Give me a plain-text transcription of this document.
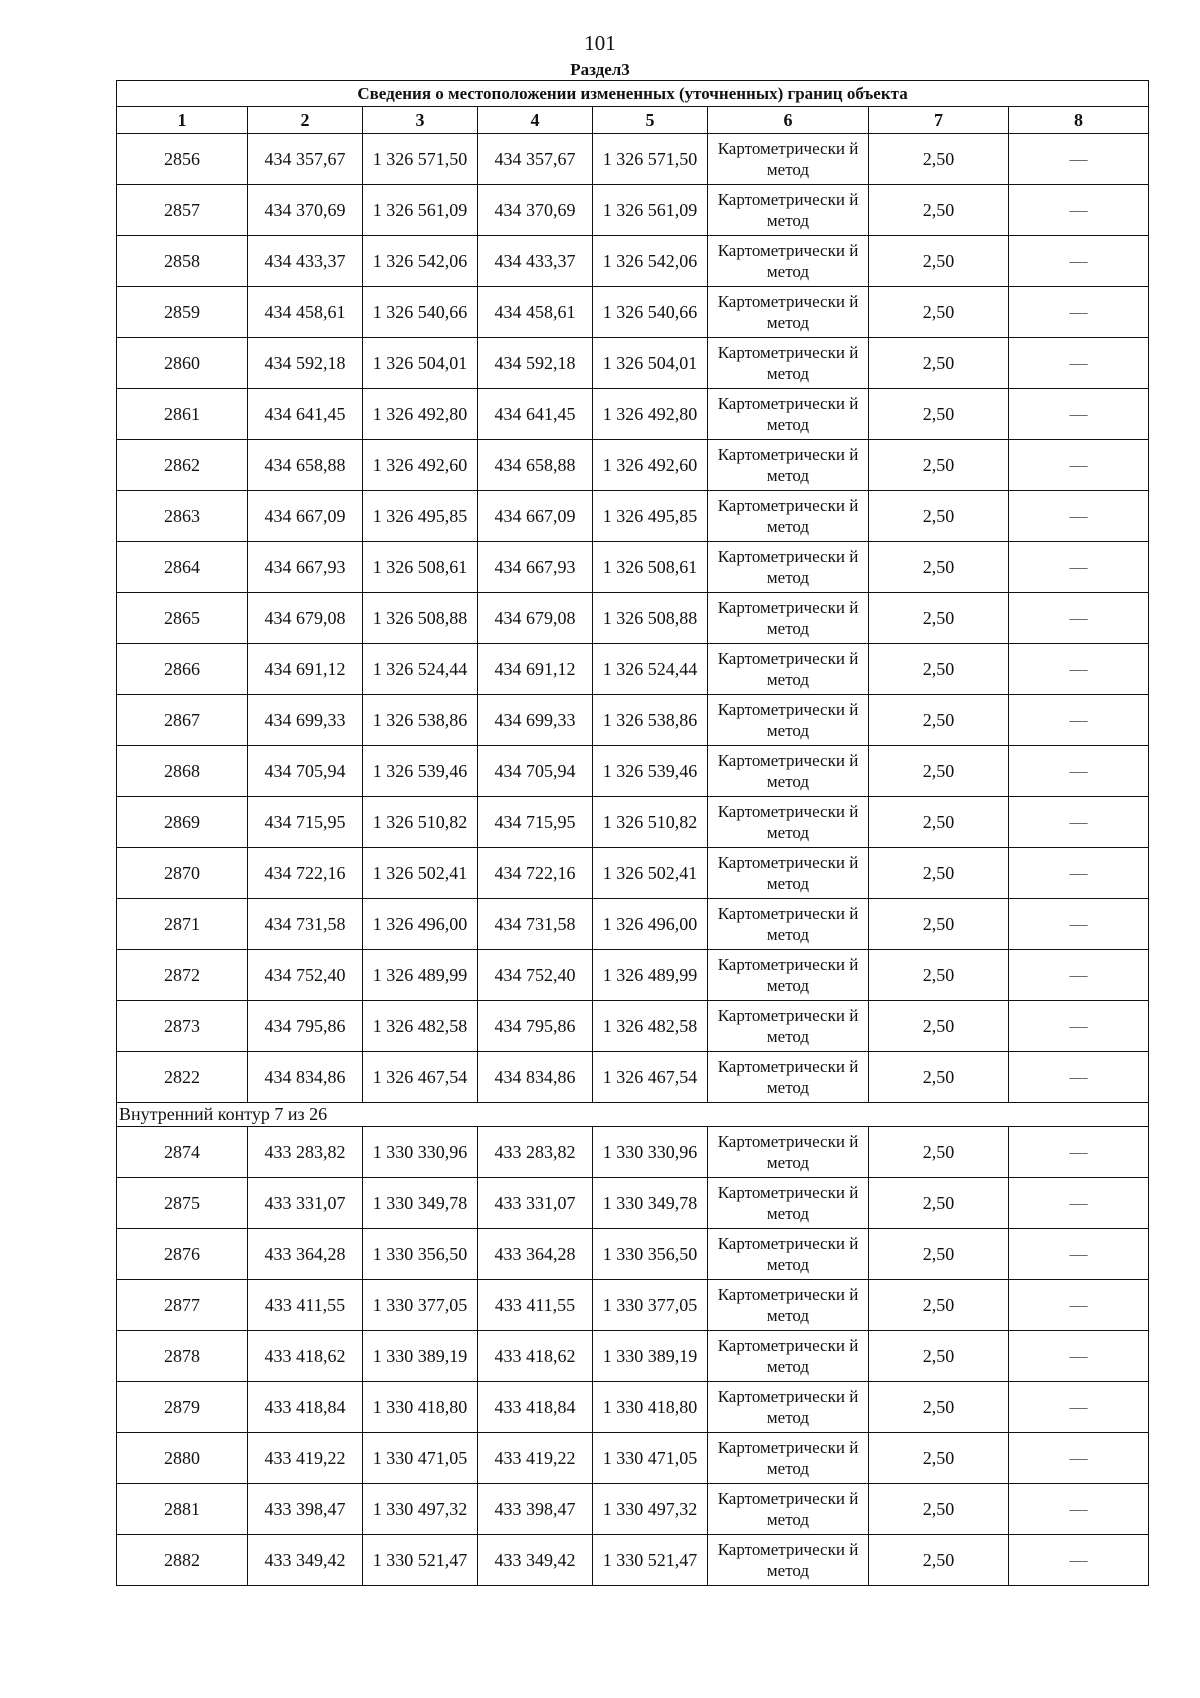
101
Раздел3
Сведения о местоположении измененных (уточненных) границ объекта							
1	2	3	4	5	6	7	8
2856	434 357,67	1 326 571,50	434 357,67	1 326 571,50	Картометрически й метод	2,50	—
2857	434 370,69	1 326 561,09	434 370,69	1 326 561,09	Картометрически й метод	2,50	—
2858	434 433,37	1 326 542,06	434 433,37	1 326 542,06	Картометрически й метод	2,50	—
2859	434 458,61	1 326 540,66	434 458,61	1 326 540,66	Картометрически й метод	2,50	—
2860	434 592,18	1 326 504,01	434 592,18	1 326 504,01	Картометрически й метод	2,50	—
2861	434 641,45	1 326 492,80	434 641,45	1 326 492,80	Картометрически й метод	2,50	—
2862	434 658,88	1 326 492,60	434 658,88	1 326 492,60	Картометрически й метод	2,50	—
2863	434 667,09	1 326 495,85	434 667,09	1 326 495,85	Картометрически й метод	2,50	—
2864	434 667,93	1 326 508,61	434 667,93	1 326 508,61	Картометрически й метод	2,50	—
2865	434 679,08	1 326 508,88	434 679,08	1 326 508,88	Картометрически й метод	2,50	—
2866	434 691,12	1 326 524,44	434 691,12	1 326 524,44	Картометрически й метод	2,50	—
2867	434 699,33	1 326 538,86	434 699,33	1 326 538,86	Картометрически й метод	2,50	—
2868	434 705,94	1 326 539,46	434 705,94	1 326 539,46	Картометрически й метод	2,50	—
2869	434 715,95	1 326 510,82	434 715,95	1 326 510,82	Картометрически й метод	2,50	—
2870	434 722,16	1 326 502,41	434 722,16	1 326 502,41	Картометрически й метод	2,50	—
2871	434 731,58	1 326 496,00	434 731,58	1 326 496,00	Картометрически й метод	2,50	—
2872	434 752,40	1 326 489,99	434 752,40	1 326 489,99	Картометрически й метод	2,50	—
2873	434 795,86	1 326 482,58	434 795,86	1 326 482,58	Картометрически й метод	2,50	—
2822	434 834,86	1 326 467,54	434 834,86	1 326 467,54	Картометрически й метод	2,50	—
Внутренний контур 7 из 26							
2874	433 283,82	1 330 330,96	433 283,82	1 330 330,96	Картометрически й метод	2,50	—
2875	433 331,07	1 330 349,78	433 331,07	1 330 349,78	Картометрически й метод	2,50	—
2876	433 364,28	1 330 356,50	433 364,28	1 330 356,50	Картометрически й метод	2,50	—
2877	433 411,55	1 330 377,05	433 411,55	1 330 377,05	Картометрически й метод	2,50	—
2878	433 418,62	1 330 389,19	433 418,62	1 330 389,19	Картометрически й метод	2,50	—
2879	433 418,84	1 330 418,80	433 418,84	1 330 418,80	Картометрически й метод	2,50	—
2880	433 419,22	1 330 471,05	433 419,22	1 330 471,05	Картометрически й метод	2,50	—
2881	433 398,47	1 330 497,32	433 398,47	1 330 497,32	Картометрически й метод	2,50	—
2882	433 349,42	1 330 521,47	433 349,42	1 330 521,47	Картометрически й метод	2,50	—
